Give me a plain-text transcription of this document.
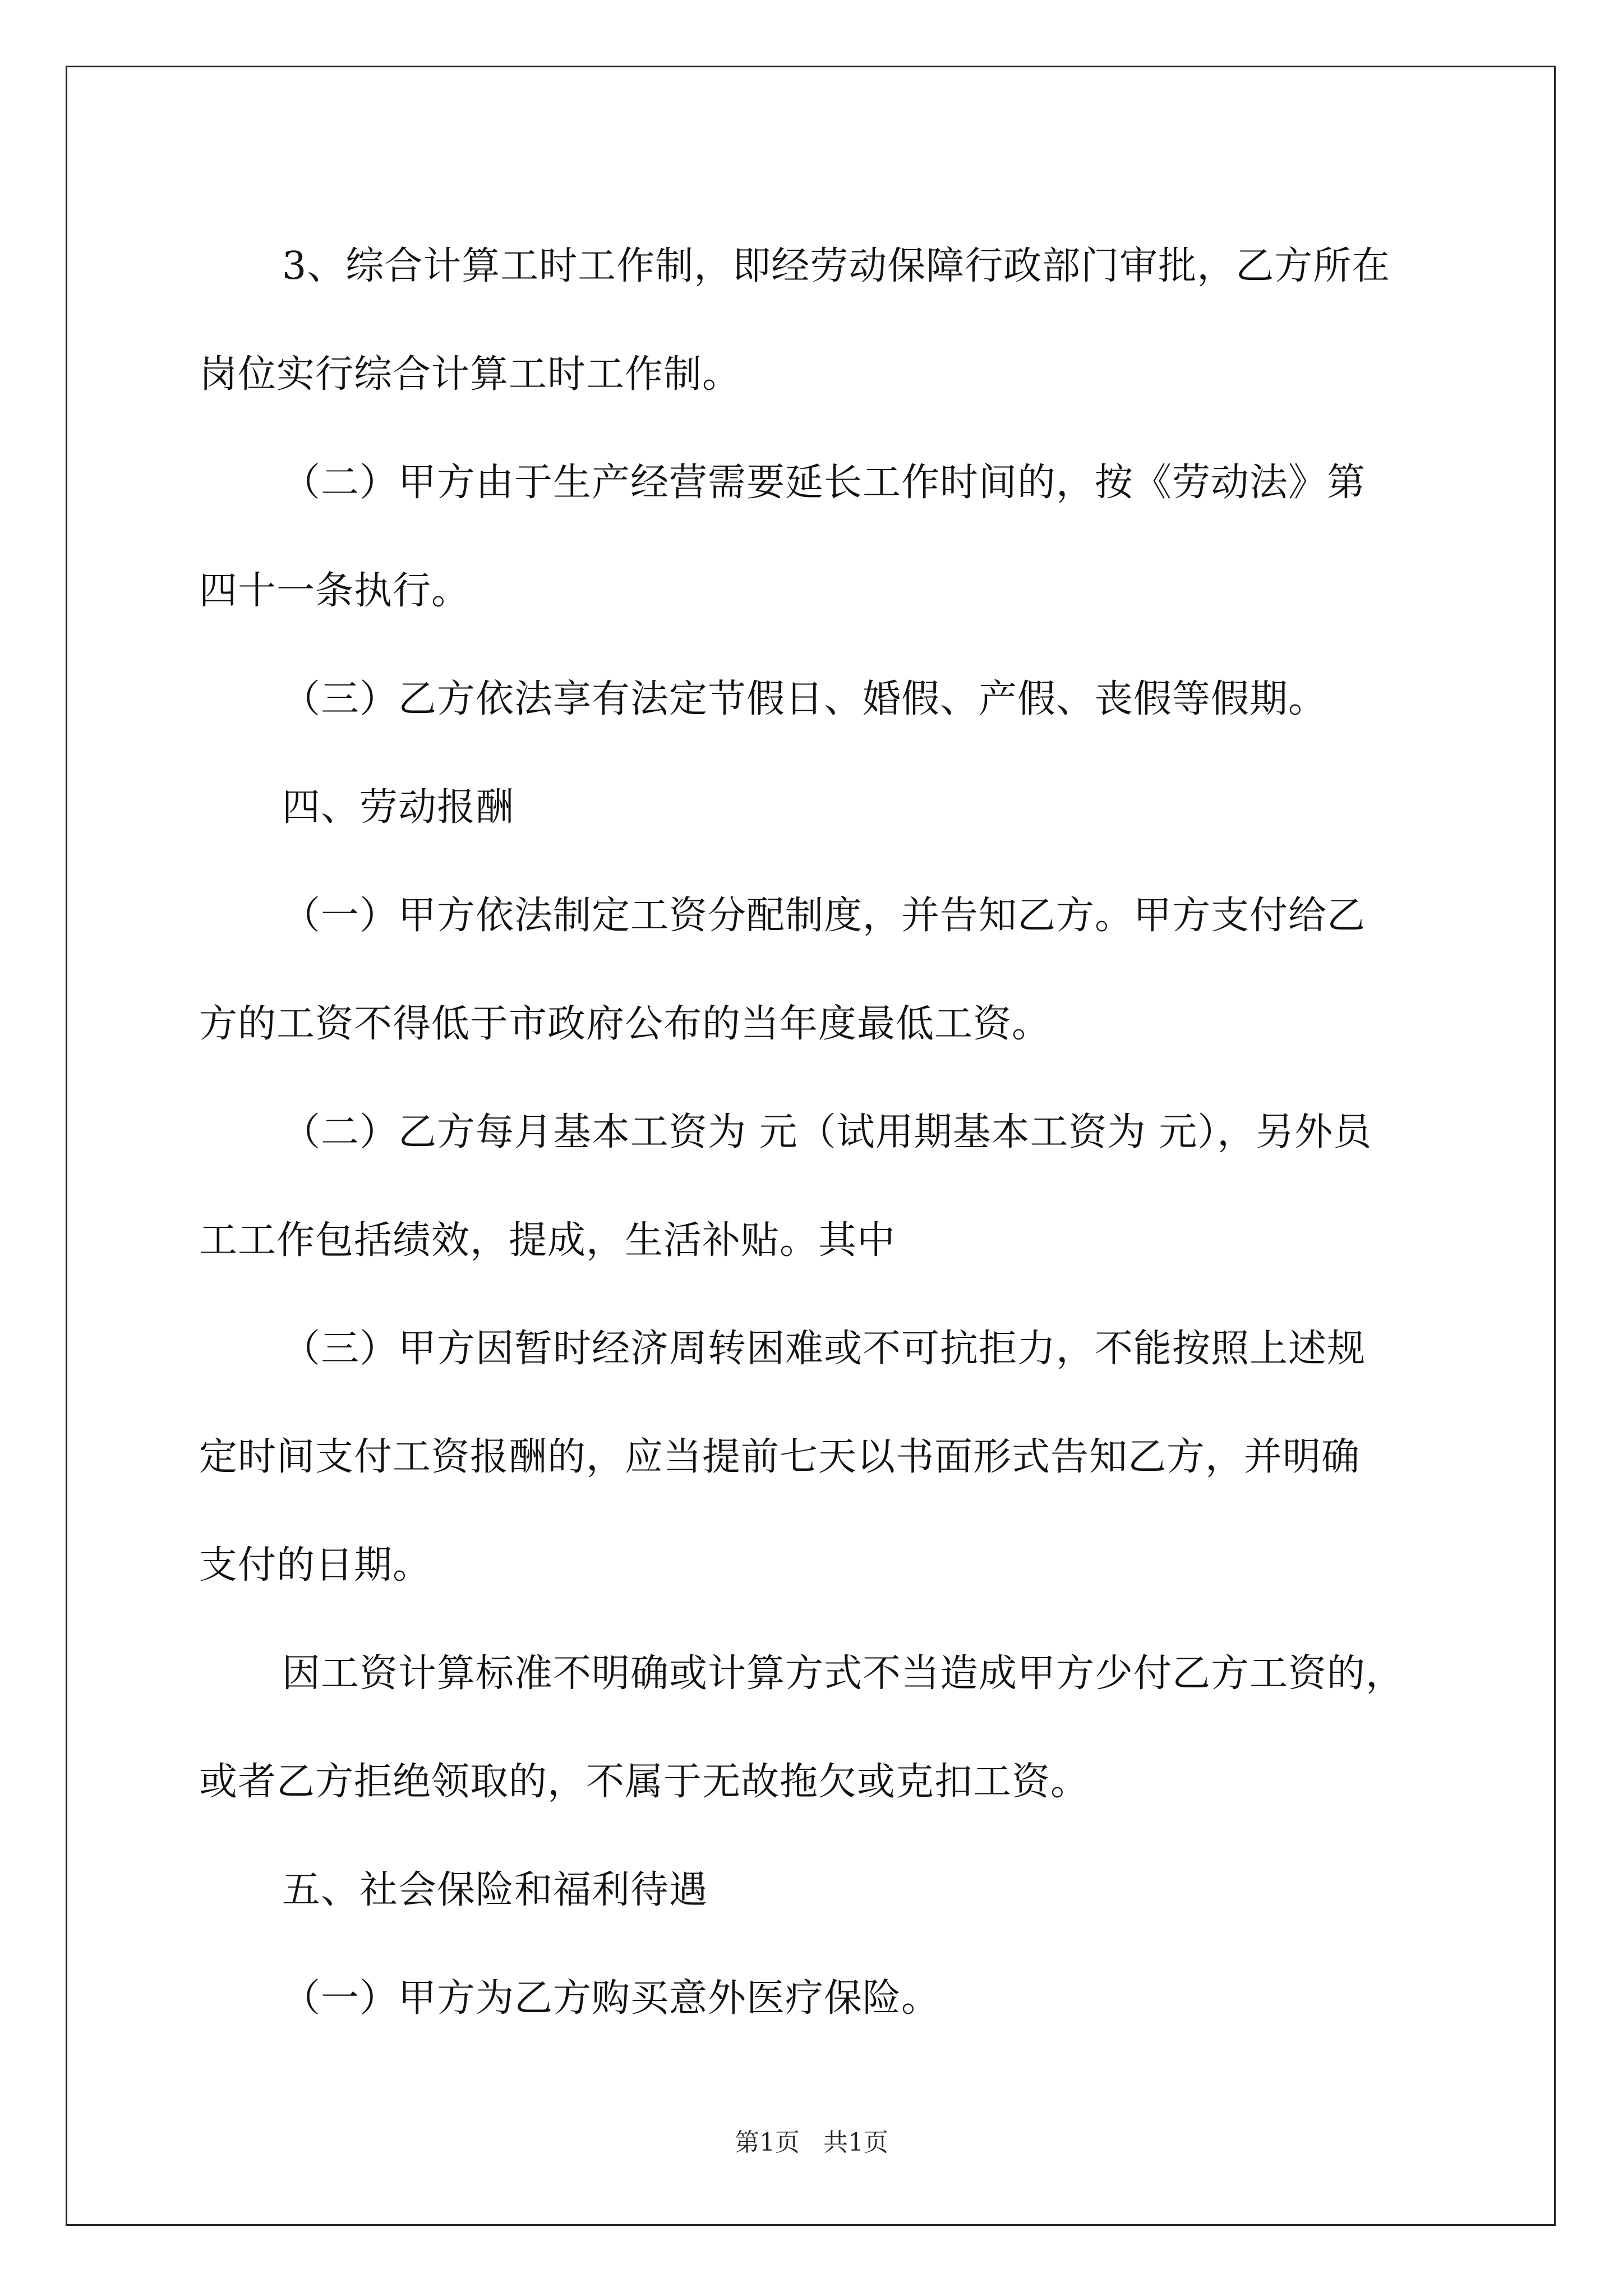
3、综合计算工时工作制，即经劳动保障行政部门审批，乙方所在

岗位实行综合计算工时工作制。

（二）甲方由于生产经营需要延长工作时间的，按《劳动法》第

四十一条执行。

（三）乙方依法享有法定节假日、婚假、产假、丧假等假期。

四、劳动报酬

（一）甲方依法制定工资分配制度，并告知乙方。甲方支付给乙

方的工资不得低于市政府公布的当年度最低工资。

（二）乙方每月基本工资为 元（试用期基本工资为 元），另外员

工工作包括绩效，提成，生活补贴。其中

（三）甲方因暂时经济周转困难或不可抗拒力，不能按照上述规

定时间支付工资报酬的，应当提前七天以书面形式告知乙方，并明确

支付的日期。

因工资计算标准不明确或计算方式不当造成甲方少付乙方工资的，

或者乙方拒绝领取的，不属于无故拖欠或克扣工资。

五、社会保险和福利待遇

（一）甲方为乙方购买意外医疗保险。

第1页   共1页
